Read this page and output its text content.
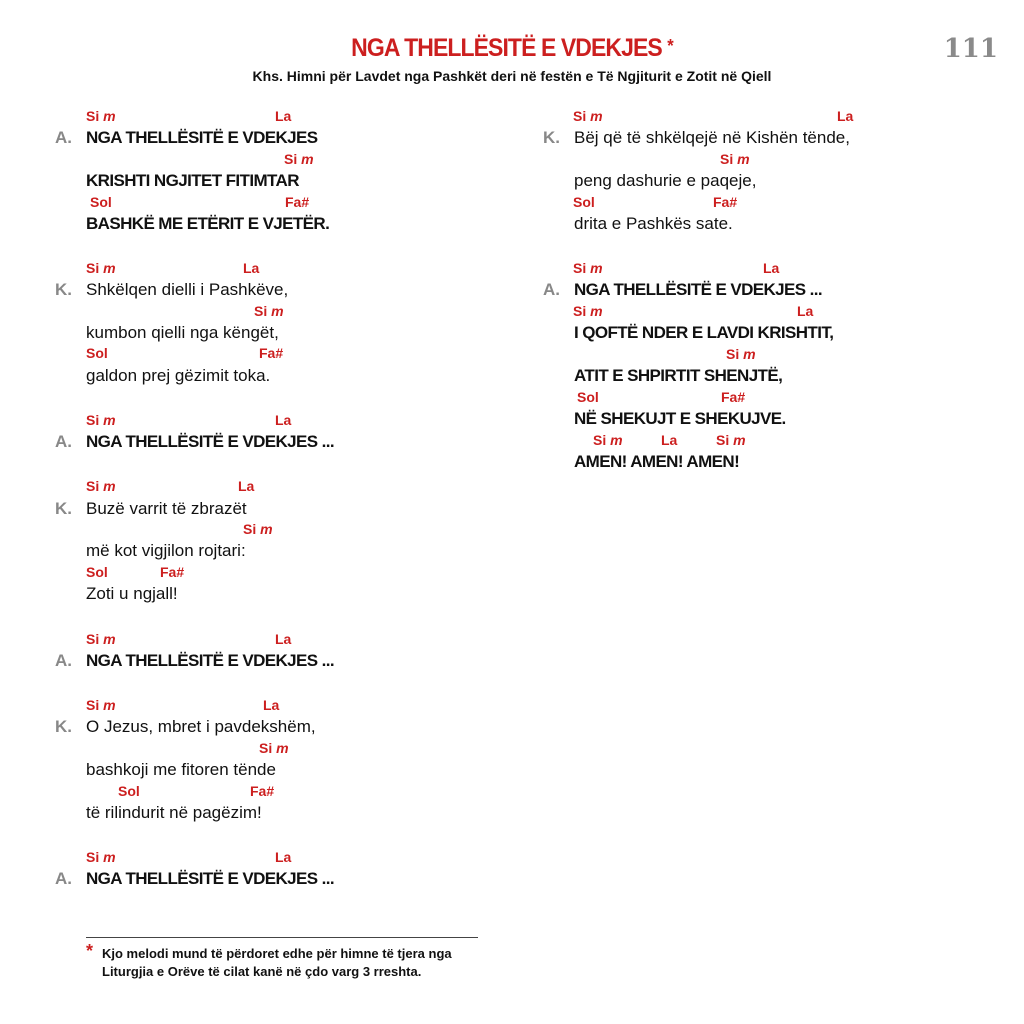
NGA THELLËSITË E VDEKJES *	111
Khs. Himni për Lavdet nga Pashkët deri në festën e Të Ngjiturit e Zotit në Qiell
Si m	La
A. NGA THELLËSITË E VDEKJES
Si m
KRISHTI NGJITET FITIMTAR
Sol	Fa#
BASHKË ME ETËRIT E VJETËR.
Si m	La
K. Shkëlqen dielli i Pashkëve,
Si m
kumbon qielli nga këngët,
Sol	Fa#
galdon prej gëzimit toka.
Si m	La
A. NGA THELLËSITË E VDEKJES ...
Si m	La
K. Buzë varrit të zbrazët
Si m
më kot vigjilon rojtari:
Sol	Fa#
Zoti u ngjall!
Si m	La
A. NGA THELLËSITË E VDEKJES ...
Si m	La
K. O Jezus, mbret i pavdekshëm,
Si m
bashkoji me fitoren tënde
Sol	Fa#
të rilindurit në pagëzim!
Si m	La
A. NGA THELLËSITË E VDEKJES ...
Si m	La
K. Bëj që të shkëlqejë në Kishën tënde,
Si m
peng dashurie e paqeje,
Sol	Fa#
drita e Pashkës sate.
Si m	La
A. NGA THELLËSITË E VDEKJES ...
Si m	La
I QOFTË NDER E LAVDI KRISHTIT,
Si m
ATIT E SHPIRTIT SHENJTË,
Sol	Fa#
NË SHEKUJT E SHEKUJVE.
Si m	La	Si m
AMEN! AMEN! AMEN!
* Kjo melodi mund të përdoret edhe për himne të tjera nga Liturgjia e Orëve të cilat kanë në çdo varg 3 rreshta.
